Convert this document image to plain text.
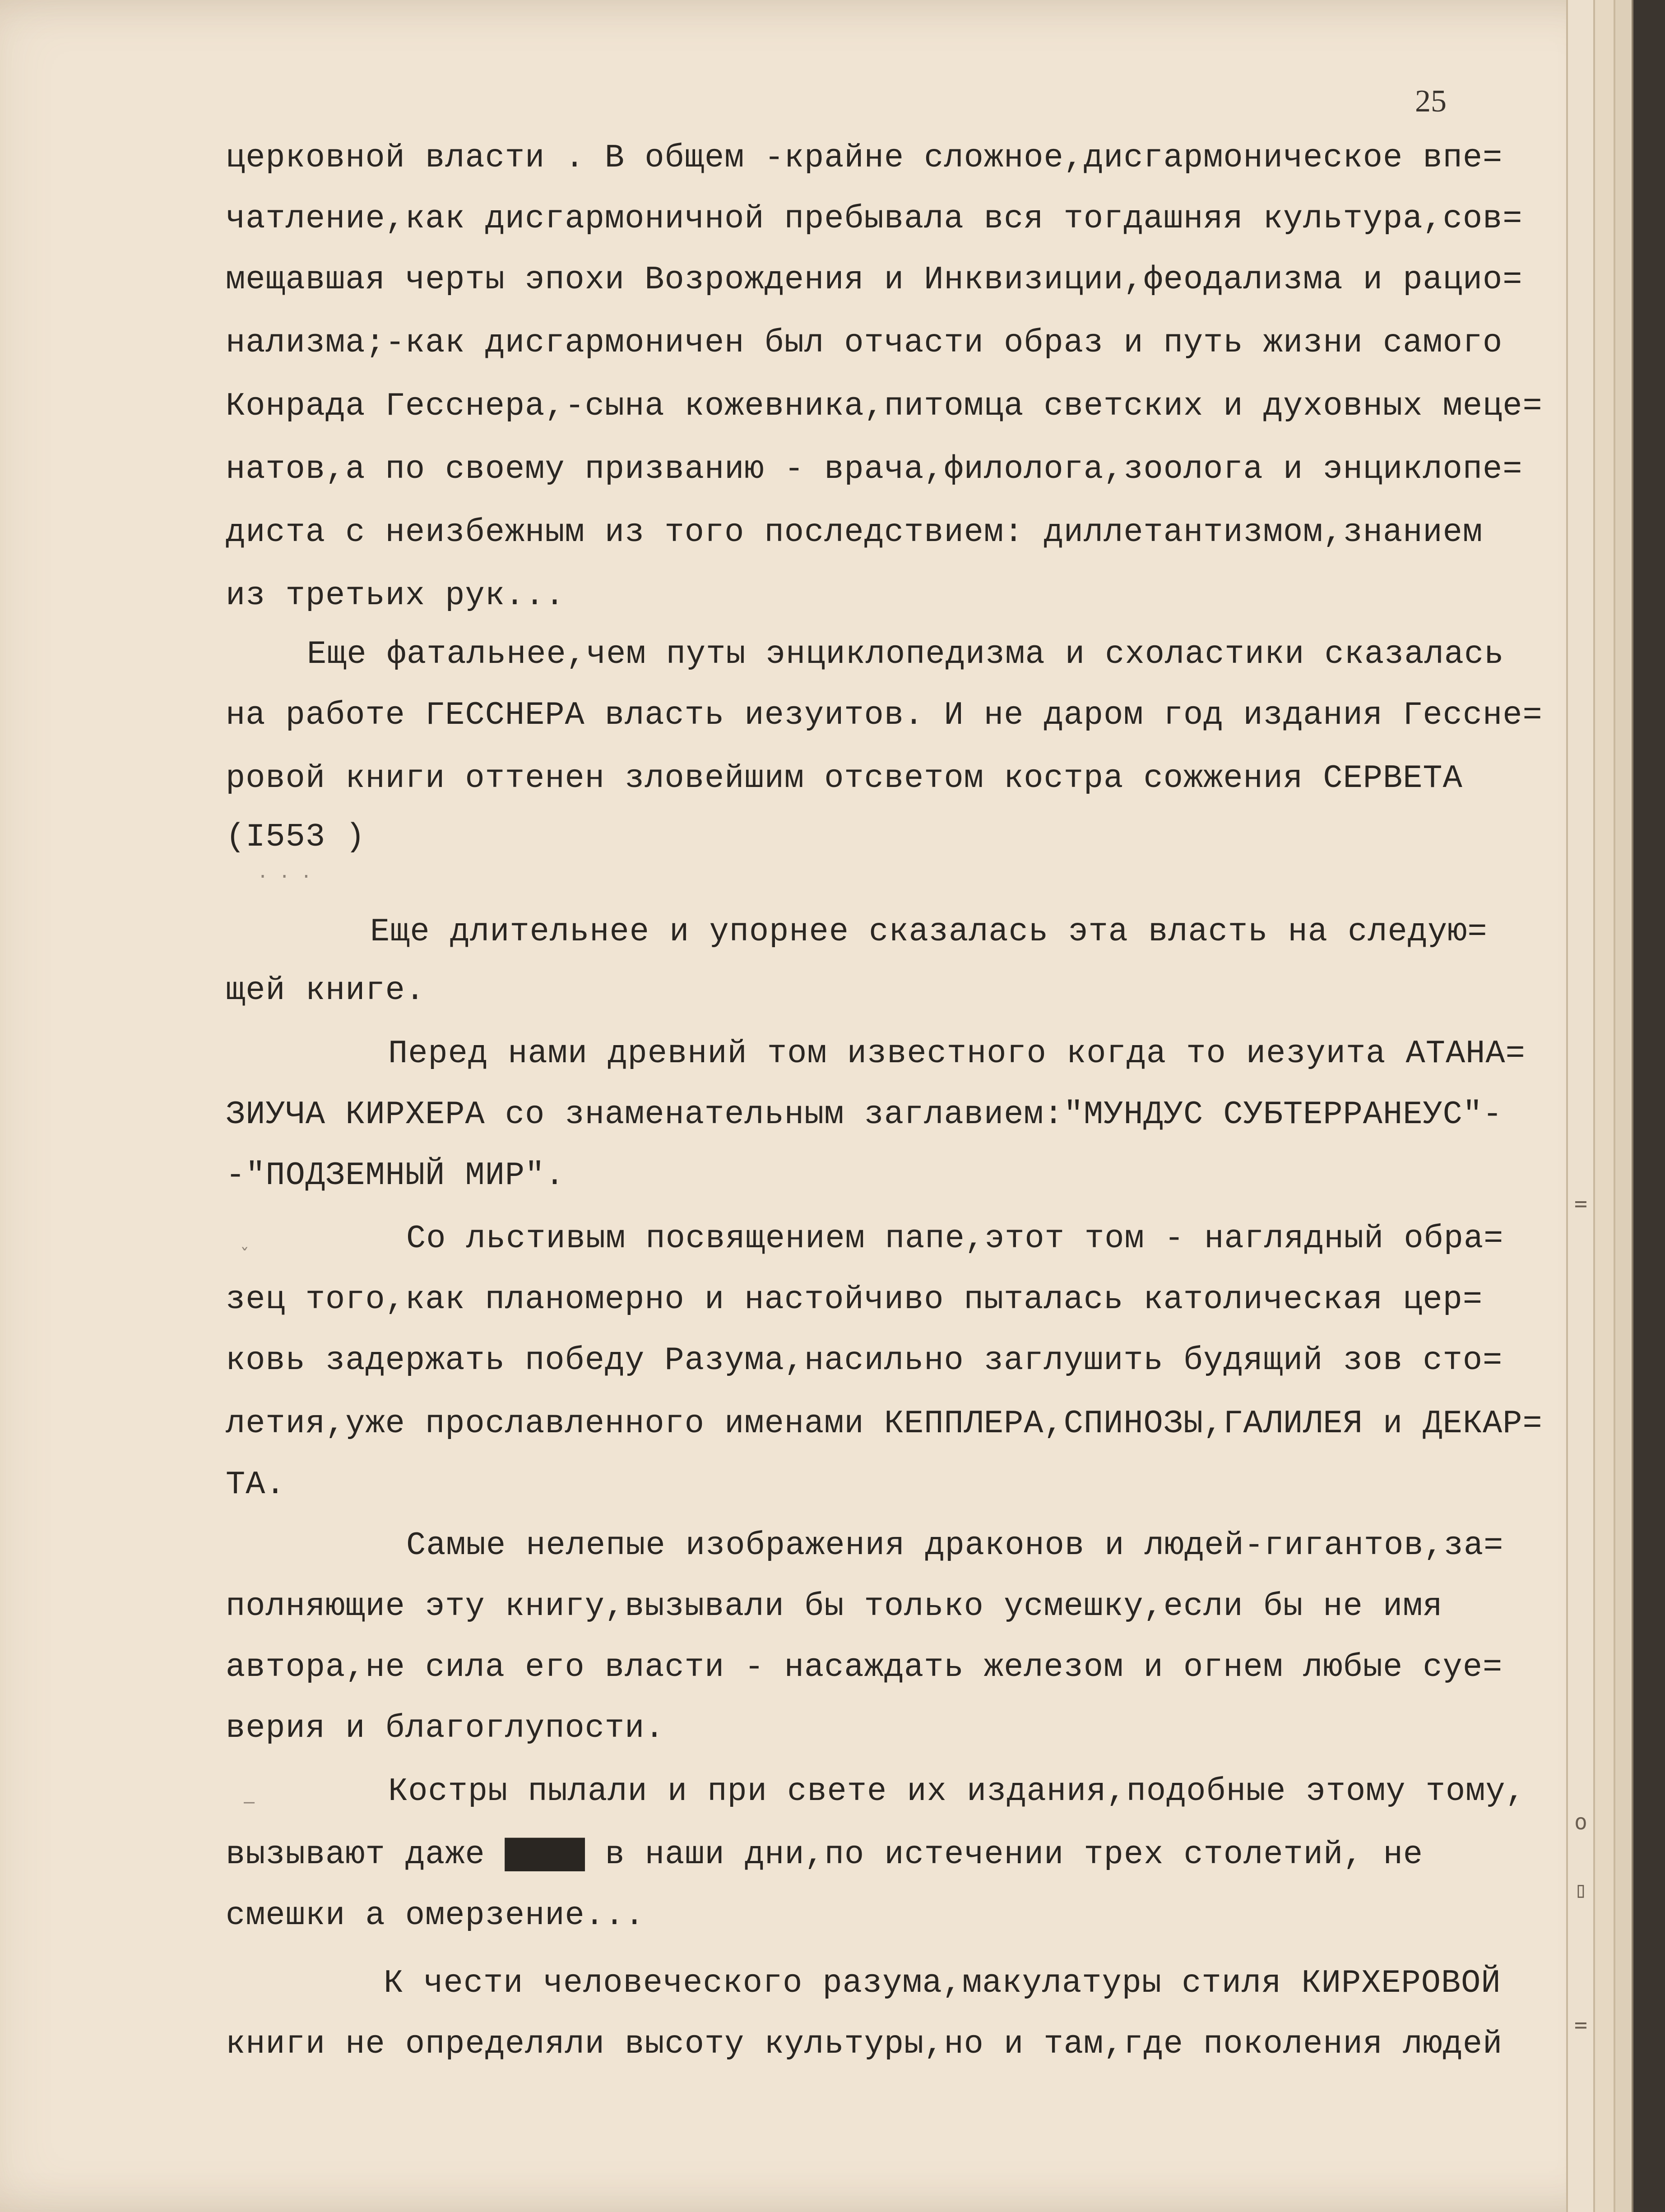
25
церковной власти . В общем -крайне сложное,дисгармоническое впе=
чатление,как дисгармоничной пребывала вся тогдашняя культура,сов=
мещавшая черты эпохи Возрождения и Инквизиции,феодализма и рацио=
нализма;-как дисгармоничен был отчасти образ и путь жизни самого
Конрада Гесснера,-сына кожевника,питомца светских и духовных меце=
натов,а по своему призванию - врача,филолога,зоолога и энциклопе=
диста с неизбежным из того последствием: диллетантизмом,знанием
из третьих рук...
Еще фатальнее,чем путы энциклопедизма и схоластики сказалась
на работе ГЕССНЕРА власть иезуитов. И не даром год издания Гессне=
ровой книги оттенен зловейшим отсветом костра сожжения СЕРВЕТА
(I553 )
Еще длительнее и упорнее сказалась эта власть на следую=
щей книге.
Перед нами древний том известного когда то иезуита АТАНА=
ЗИУЧА КИРХЕРА со знаменательным заглавием:"МУНДУС СУБТЕРРАНЕУС"-
-"ПОДЗЕМНЫЙ МИР".
Со льстивым посвящением папе,этот том - наглядный обра=
зец того,как планомерно и настойчиво пыталась католическая цер=
ковь задержать победу Разума,насильно заглушить будящий зов сто=
летия,уже прославленного именами КЕППЛЕРА,СПИНОЗЫ,ГАЛИЛЕЯ и ДЕКАР=
ТА.
Самые нелепые изображения драконов и людей-гигантов,за=
полняющие эту книгу,вызывали бы только усмешку,если бы не имя
автора,не сила его власти - насаждать железом и огнем любые суе=
верия и благоглупости.
Костры пылали и при свете их издания,подобные этому тому,
вызывают даже ▇▇▇▇ в наши дни,по истечении трех столетий, не
смешки а омерзение...
К чести человеческого разума,макулатуры стиля КИРХЕРОВОЙ
книги не определяли высоту культуры,но и там,где поколения людей
· · ·
ˇ
—
=
o
▯
=
